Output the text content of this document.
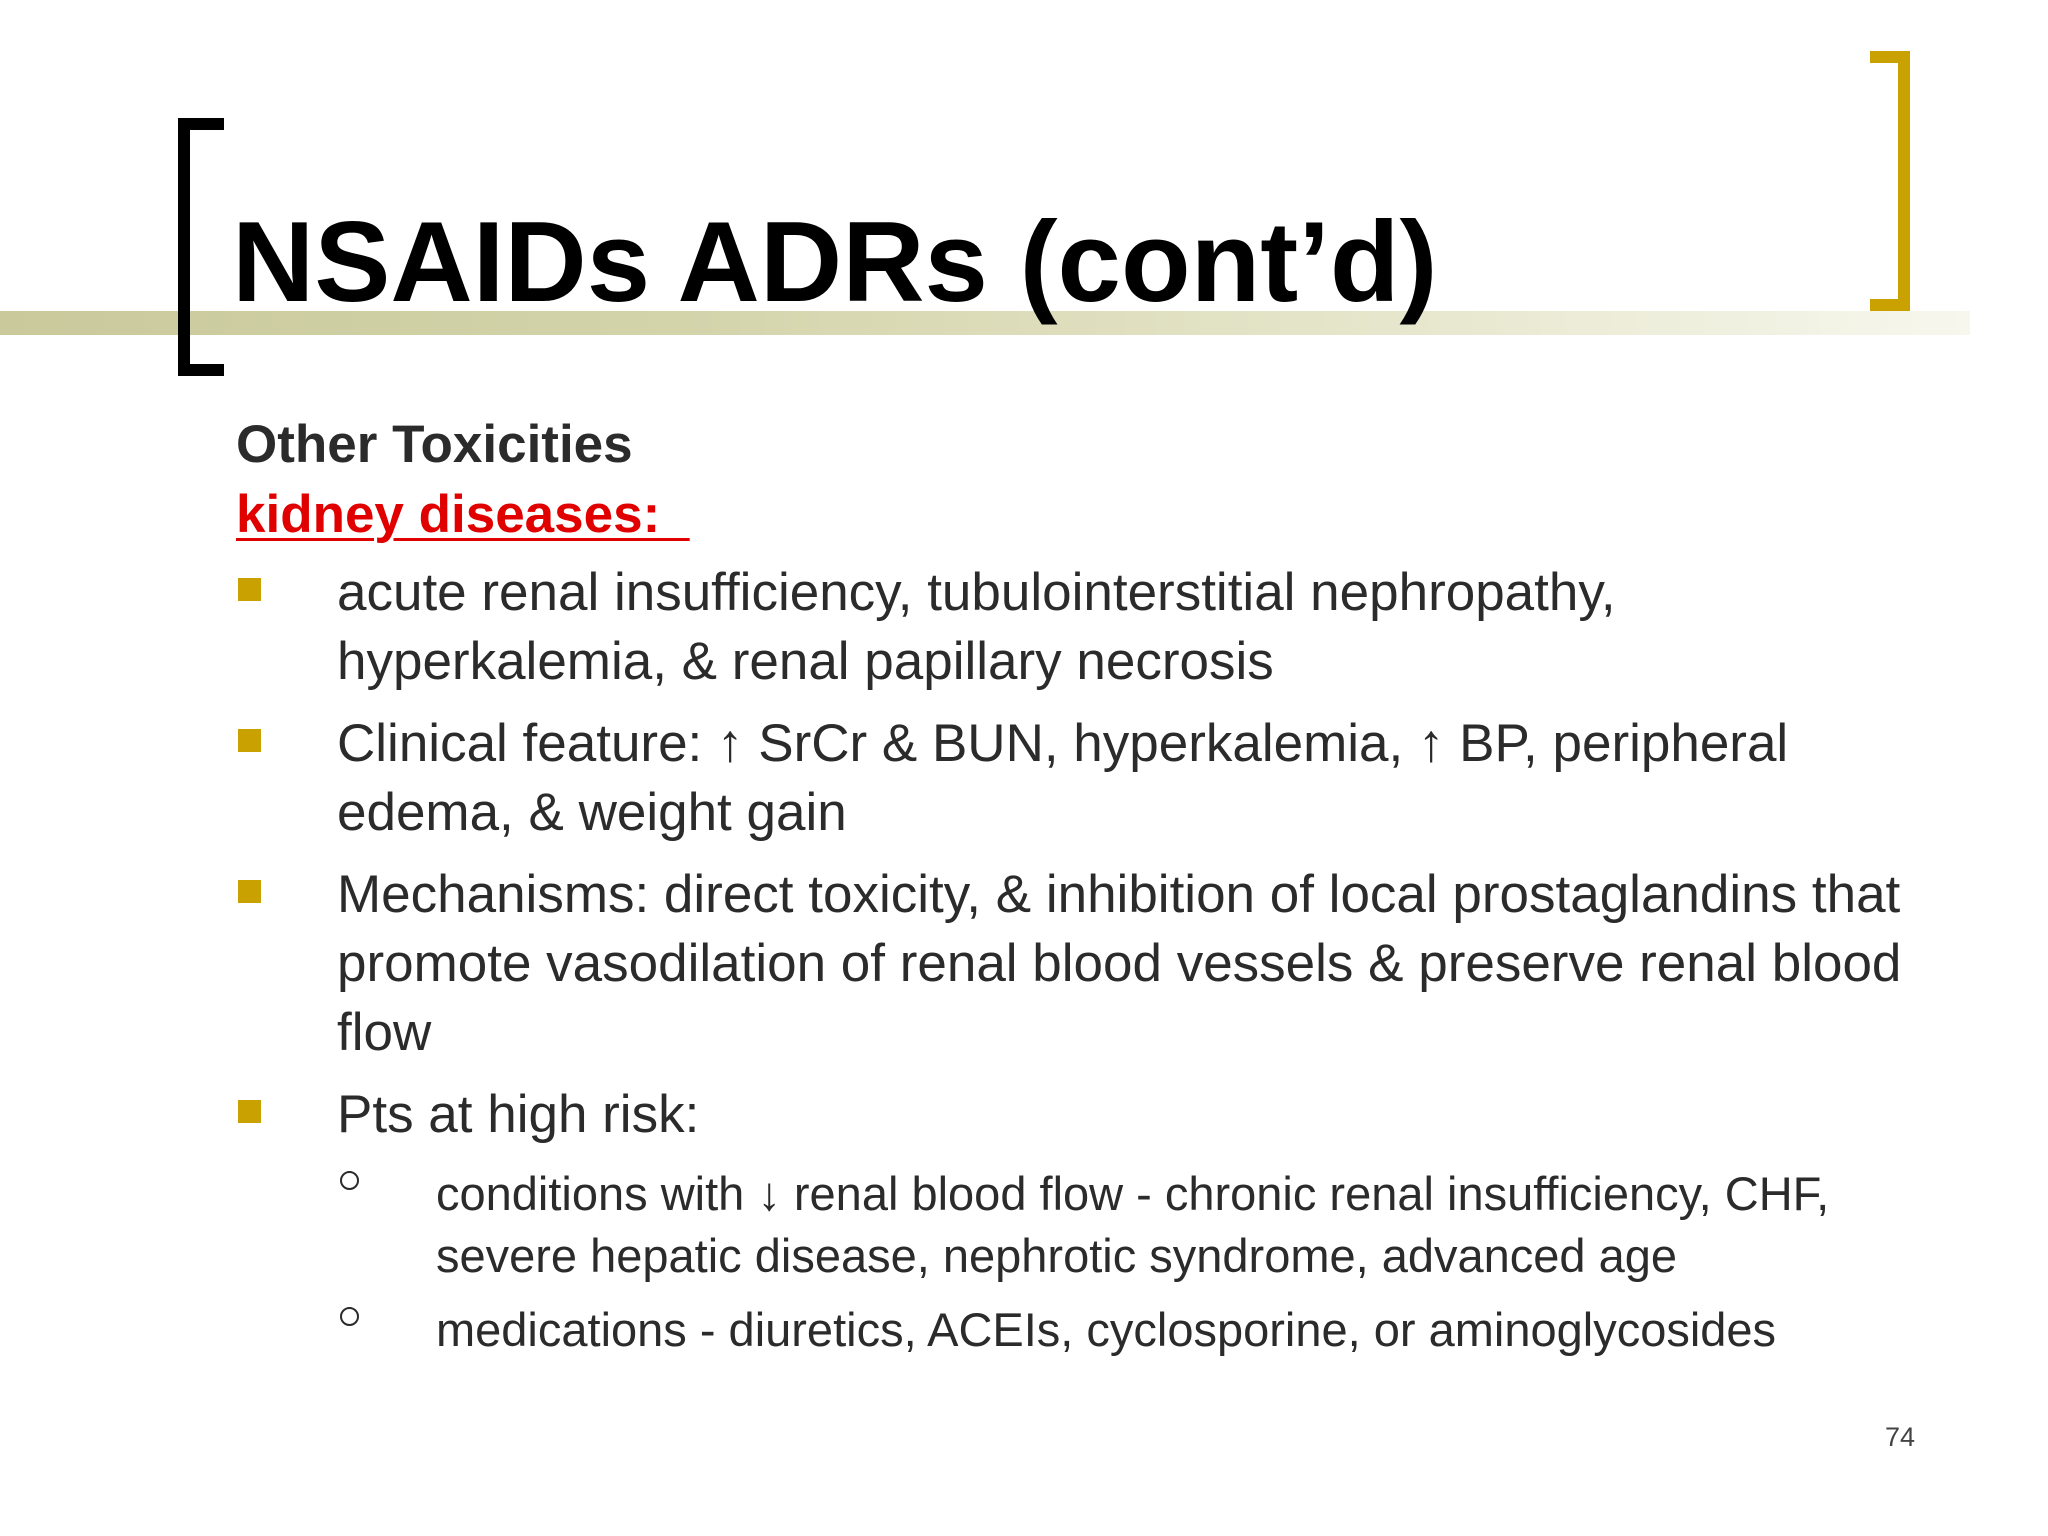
NSAIDs ADRs (cont’d)

Other Toxicities

kidney diseases:

acute renal insufficiency, tubulointerstitial nephropathy, hyperkalemia, & renal papillary necrosis
Clinical feature: ↑ SrCr & BUN, hyperkalemia, ↑ BP, peripheral edema, & weight gain
Mechanisms: direct toxicity, & inhibition of local prostaglandins that promote vasodilation of renal blood vessels & preserve renal blood flow
Pts at high risk:
conditions with ↓ renal blood flow - chronic renal insufficiency, CHF, severe hepatic disease, nephrotic syndrome, advanced age
medications - diuretics, ACEIs, cyclosporine, or aminoglycosides
74
